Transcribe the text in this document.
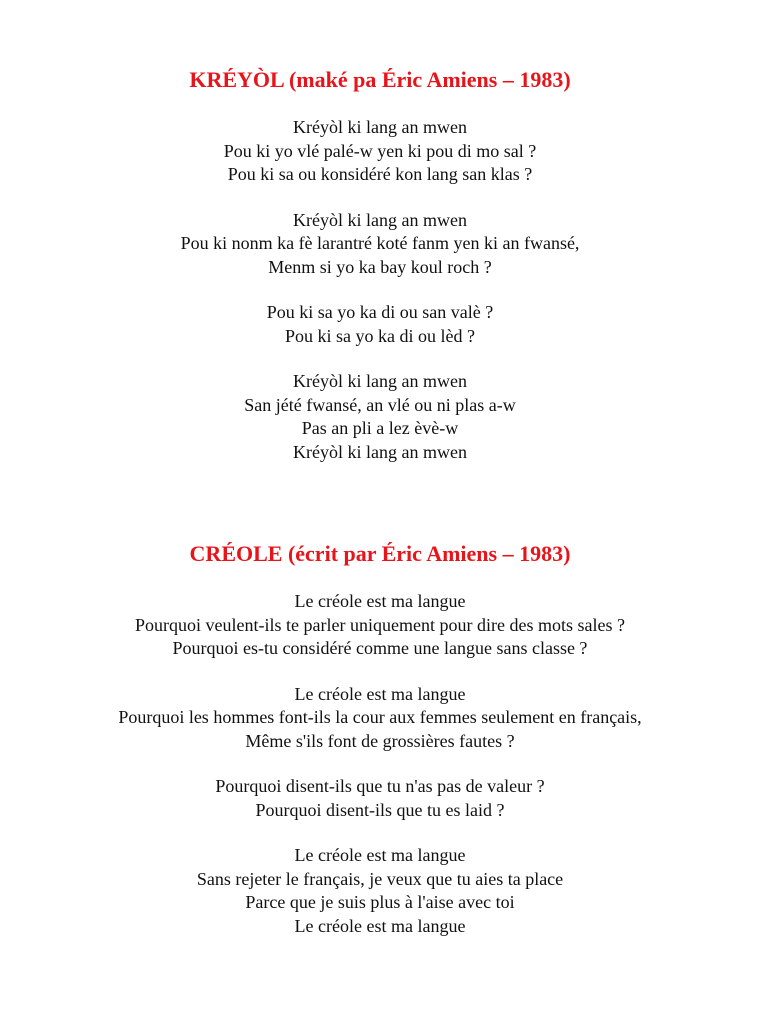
KRÉYÒL (maké pa Éric Amiens – 1983)
Kréyòl ki lang an mwen
Pou ki yo vlé palé-w yen ki pou di mo sal ?
Pou ki sa ou konsidéré kon lang san klas ?
Kréyòl ki lang an mwen
Pou ki nonm ka fè larantré koté fanm yen ki an fwansé,
Menm si yo ka bay koul roch ?
Pou ki sa yo ka di ou san valè ?
Pou ki sa yo ka di ou lèd ?
Kréyòl ki lang an mwen
San jété fwansé, an vlé ou ni plas a-w
Pas an pli a lez èvè-w
Kréyòl ki lang an mwen
CRÉOLE (écrit par Éric Amiens – 1983)
Le créole est ma langue
Pourquoi veulent-ils te parler uniquement pour dire des mots sales ?
Pourquoi es-tu considéré comme une langue sans classe ?
Le créole est ma langue
Pourquoi les hommes font-ils la cour aux femmes seulement en français,
Même s'ils font de grossières fautes ?
Pourquoi disent-ils que tu n'as pas de valeur ?
Pourquoi disent-ils que tu es laid ?
Le créole est ma langue
Sans rejeter le français, je veux que tu aies ta place
Parce que je suis plus à l'aise avec toi
Le créole est ma langue
